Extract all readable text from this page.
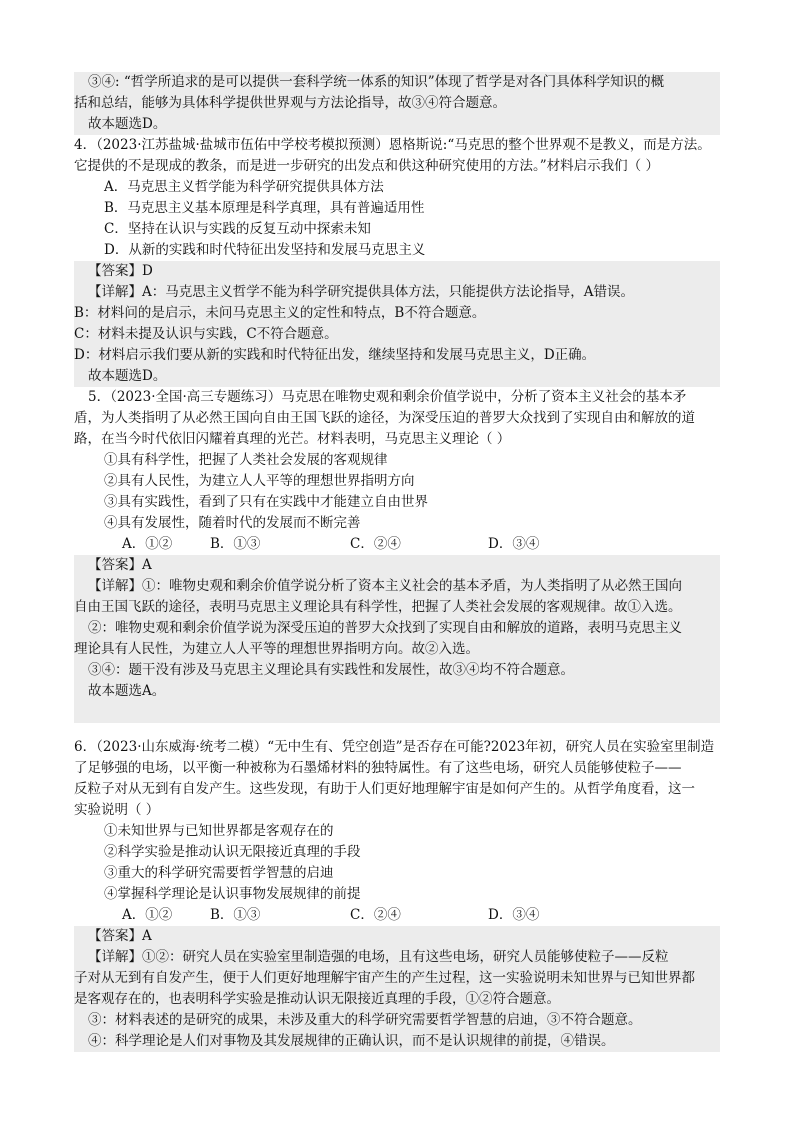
③④: “哲学所追求的是可以提供一套科学统一体系的知识”体现了哲学是对各门具体科学知识的概
括和总结，能够为具体科学提供世界观与方法论指导，故③④符合题意。
故本题选D。
4．（2023·江苏盐城·盐城市伍佑中学校考模拟预测）恩格斯说:“马克思的整个世界观不是教义，而是方法。
它提供的不是现成的教条，而是进一步研究的出发点和供这种研究使用的方法。”材料启示我们（ ）
A．马克思主义哲学能为科学研究提供具体方法
B．马克思主义基本原理是科学真理，具有普遍适用性
C．坚持在认识与实践的反复互动中探索未知
D．从新的实践和时代特征出发坚持和发展马克思主义
【答案】D
【详解】A：马克思主义哲学不能为科学研究提供具体方法，只能提供方法论指导，A错误。
B：材料问的是启示，未问马克思主义的定性和特点，B不符合题意。
C：材料未提及认识与实践，C不符合题意。
D：材料启示我们要从新的实践和时代特征出发，继续坚持和发展马克思主义，D正确。
故本题选D。
5．（2023·全国·高三专题练习）马克思在唯物史观和剩余价值学说中，分析了资本主义社会的基本矛
盾，为人类指明了从必然王国向自由王国飞跃的途径，为深受压迫的普罗大众找到了实现自由和解放的道
路，在当今时代依旧闪耀着真理的光芒。材料表明，马克思主义理论（ ）
①具有科学性，把握了人类社会发展的客观规律
②具有人民性，为建立人人平等的理想世界指明方向
③具有实践性，看到了只有在实践中才能建立自由世界
④具有发展性，随着时代的发展而不断完善
A．①②	B．①③	C．②④	D．③④
【答案】A
【详解】①：唯物史观和剩余价值学说分析了资本主义社会的基本矛盾，为人类指明了从必然王国向
自由王国飞跃的途径，表明马克思主义理论具有科学性，把握了人类社会发展的客观规律。故①入选。
②：唯物史观和剩余价值学说为深受压迫的普罗大众找到了实现自由和解放的道路，表明马克思主义
理论具有人民性，为建立人人平等的理想世界指明方向。故②入选。
③④：题干没有涉及马克思主义理论具有实践性和发展性，故③④均不符合题意。
故本题选A。
6．（2023·山东威海·统考二模）“无中生有、凭空创造”是否存在可能?2023年初，研究人员在实验室里制造
了足够强的电场，以平衡一种被称为石墨烯材料的独特属性。有了这些电场，研究人员能够使粒子——
反粒子对从无到有自发产生。这些发现，有助于人们更好地理解宇宙是如何产生的。从哲学角度看，这一
实验说明（ ）
①未知世界与已知世界都是客观存在的
②科学实验是推动认识无限接近真理的手段
③重大的科学研究需要哲学智慧的启迪
④掌握科学理论是认识事物发展规律的前提
A．①②	B．①③	C．②④	D．③④
【答案】A
【详解】①②：研究人员在实验室里制造强的电场，且有这些电场，研究人员能够使粒子——反粒
子对从无到有自发产生，便于人们更好地理解宇宙产生的产生过程，这一实验说明未知世界与已知世界都
是客观存在的，也表明科学实验是推动认识无限接近真理的手段，①②符合题意。
③：材料表述的是研究的成果，未涉及重大的科学研究需要哲学智慧的启迪，③不符合题意。
④：科学理论是人们对事物及其发展规律的正确认识，而不是认识规律的前提，④错误。
